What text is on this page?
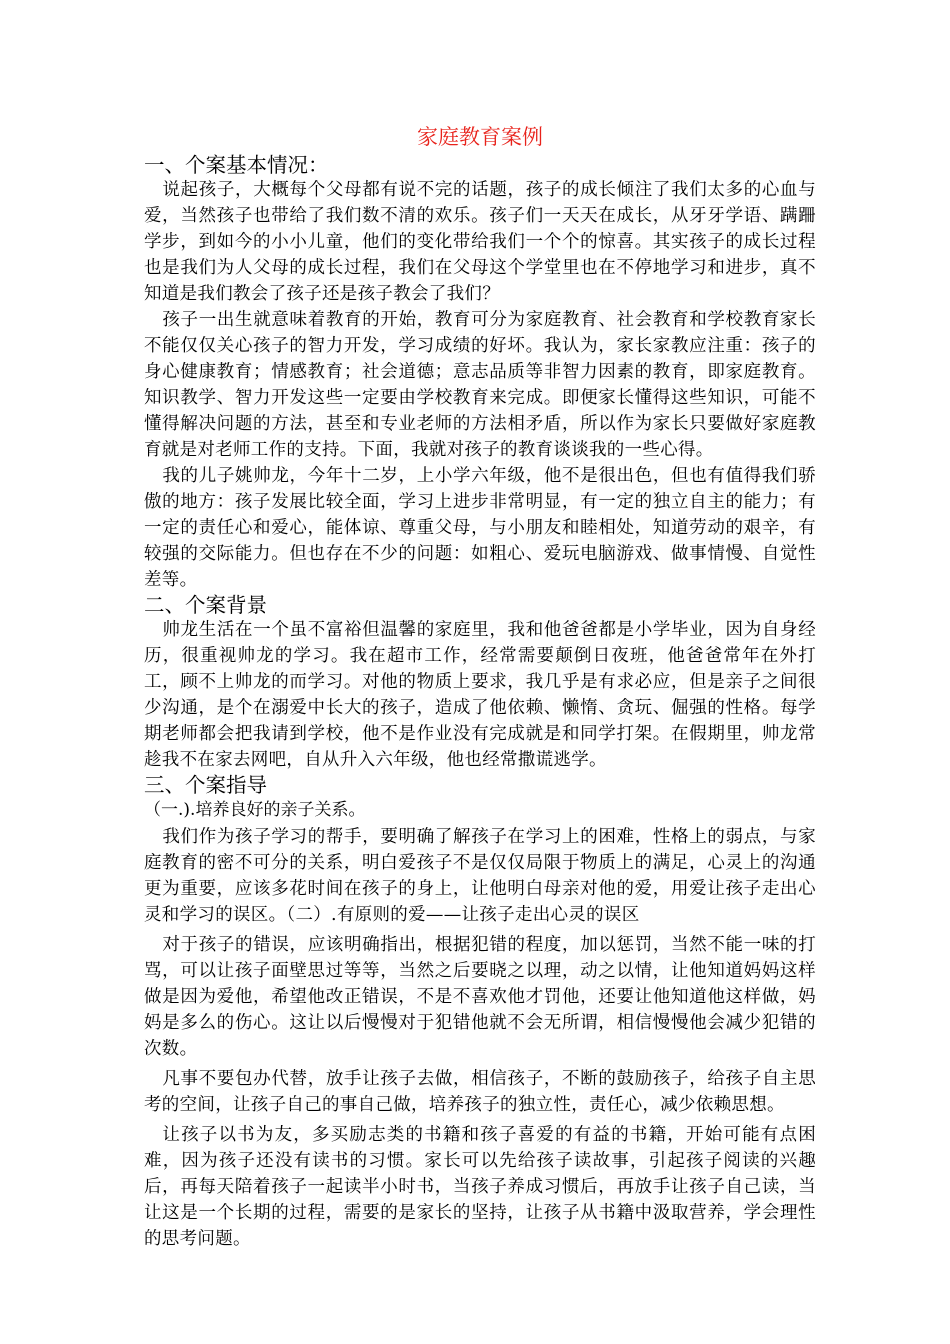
家庭教育案例
一、个案基本情况：

说起孩子，大概每个父母都有说不完的话题，孩子的成长倾注了我们太多的心血与爱，当然孩子也带给了我们数不清的欢乐。孩子们一天天在成长，从牙牙学语、蹒跚学步，到如今的小小儿童，他们的变化带给我们一个个的惊喜。其实孩子的成长过程也是我们为人父母的成长过程，我们在父母这个学堂里也在不停地学习和进步，真不知道是我们教会了孩子还是孩子教会了我们？

孩子一出生就意味着教育的开始，教育可分为家庭教育、社会教育和学校教育家长不能仅仅关心孩子的智力开发，学习成绩的好坏。我认为，家长家教应注重：孩子的身心健康教育；情感教育；社会道德；意志品质等非智力因素的教育，即家庭教育。知识教学、智力开发这些一定要由学校教育来完成。即便家长懂得这些知识，可能不懂得解决问题的方法，甚至和专业老师的方法相矛盾，所以作为家长只要做好家庭教育就是对老师工作的支持。下面，我就对孩子的教育谈谈我的一些心得。

我的儿子姚帅龙，今年十二岁，上小学六年级，他不是很出色，但也有值得我们骄傲的地方：孩子发展比较全面，学习上进步非常明显，有一定的独立自主的能力；有一定的责任心和爱心，能体谅、尊重父母，与小朋友和睦相处，知道劳动的艰辛，有较强的交际能力。但也存在不少的问题：如粗心、爱玩电脑游戏、做事情慢、自觉性差等。

二、个案背景

帅龙生活在一个虽不富裕但温馨的家庭里，我和他爸爸都是小学毕业，因为自身经历，很重视帅龙的学习。我在超市工作，经常需要颠倒日夜班，他爸爸常年在外打工，顾不上帅龙的而学习。对他的物质上要求，我几乎是有求必应，但是亲子之间很少沟通，是个在溺爱中长大的孩子，造成了他依赖、懒惰、贪玩、倔强的性格。每学期老师都会把我请到学校，他不是作业没有完成就是和同学打架。在假期里，帅龙常趁我不在家去网吧，自从升入六年级，他也经常撒谎逃学。

三、个案指导

（一.).培养良好的亲子关系。

我们作为孩子学习的帮手，要明确了解孩子在学习上的困难，性格上的弱点，与家庭教育的密不可分的关系，明白爱孩子不是仅仅局限于物质上的满足，心灵上的沟通更为重要，应该多花时间在孩子的身上，让他明白母亲对他的爱，用爱让孩子走出心灵和学习的误区。（二）.有原则的爱——让孩子走出心灵的误区

对于孩子的错误，应该明确指出，根据犯错的程度，加以惩罚，当然不能一味的打骂，可以让孩子面壁思过等等，当然之后要晓之以理，动之以情，让他知道妈妈这样做是因为爱他，希望他改正错误，不是不喜欢他才罚他，还要让他知道他这样做，妈妈是多么的伤心。这让以后慢慢对于犯错他就不会无所谓，相信慢慢他会减少犯错的次数。

凡事不要包办代替，放手让孩子去做，相信孩子，不断的鼓励孩子，给孩子自主思考的空间，让孩子自己的事自己做，培养孩子的独立性，责任心，减少依赖思想。

让孩子以书为友，多买励志类的书籍和孩子喜爱的有益的书籍，开始可能有点困难，因为孩子还没有读书的习惯。家长可以先给孩子读故事，引起孩子阅读的兴趣后，再每天陪着孩子一起读半小时书，当孩子养成习惯后，再放手让孩子自己读，当让这是一个长期的过程，需要的是家长的坚持，让孩子从书籍中汲取营养，学会理性的思考问题。
